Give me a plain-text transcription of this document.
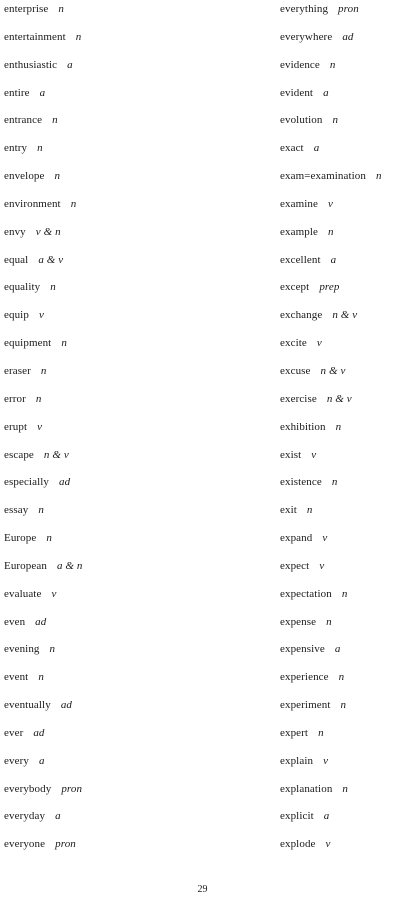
enterprise n
entertainment n
enthusiastic a
entire a
entrance n
entry n
envelope n
environment n
envy v & n
equal a & v
equality n
equip v
equipment n
eraser n
error n
erupt v
escape n & v
especially ad
essay n
Europe n
European a & n
evaluate v
even ad
evening n
event n
eventually ad
ever ad
every a
everybody pron
everyday a
everyone pron
everything pron
everywhere ad
evidence n
evident a
evolution n
exact a
exam=examination n
examine v
example n
excellent a
except prep
exchange n & v
excite v
excuse n & v
exercise n & v
exhibition n
exist v
existence n
exit n
expand v
expect v
expectation n
expense n
expensive a
experience n
experiment n
expert n
explain v
explanation n
explicit a
explode v
29
